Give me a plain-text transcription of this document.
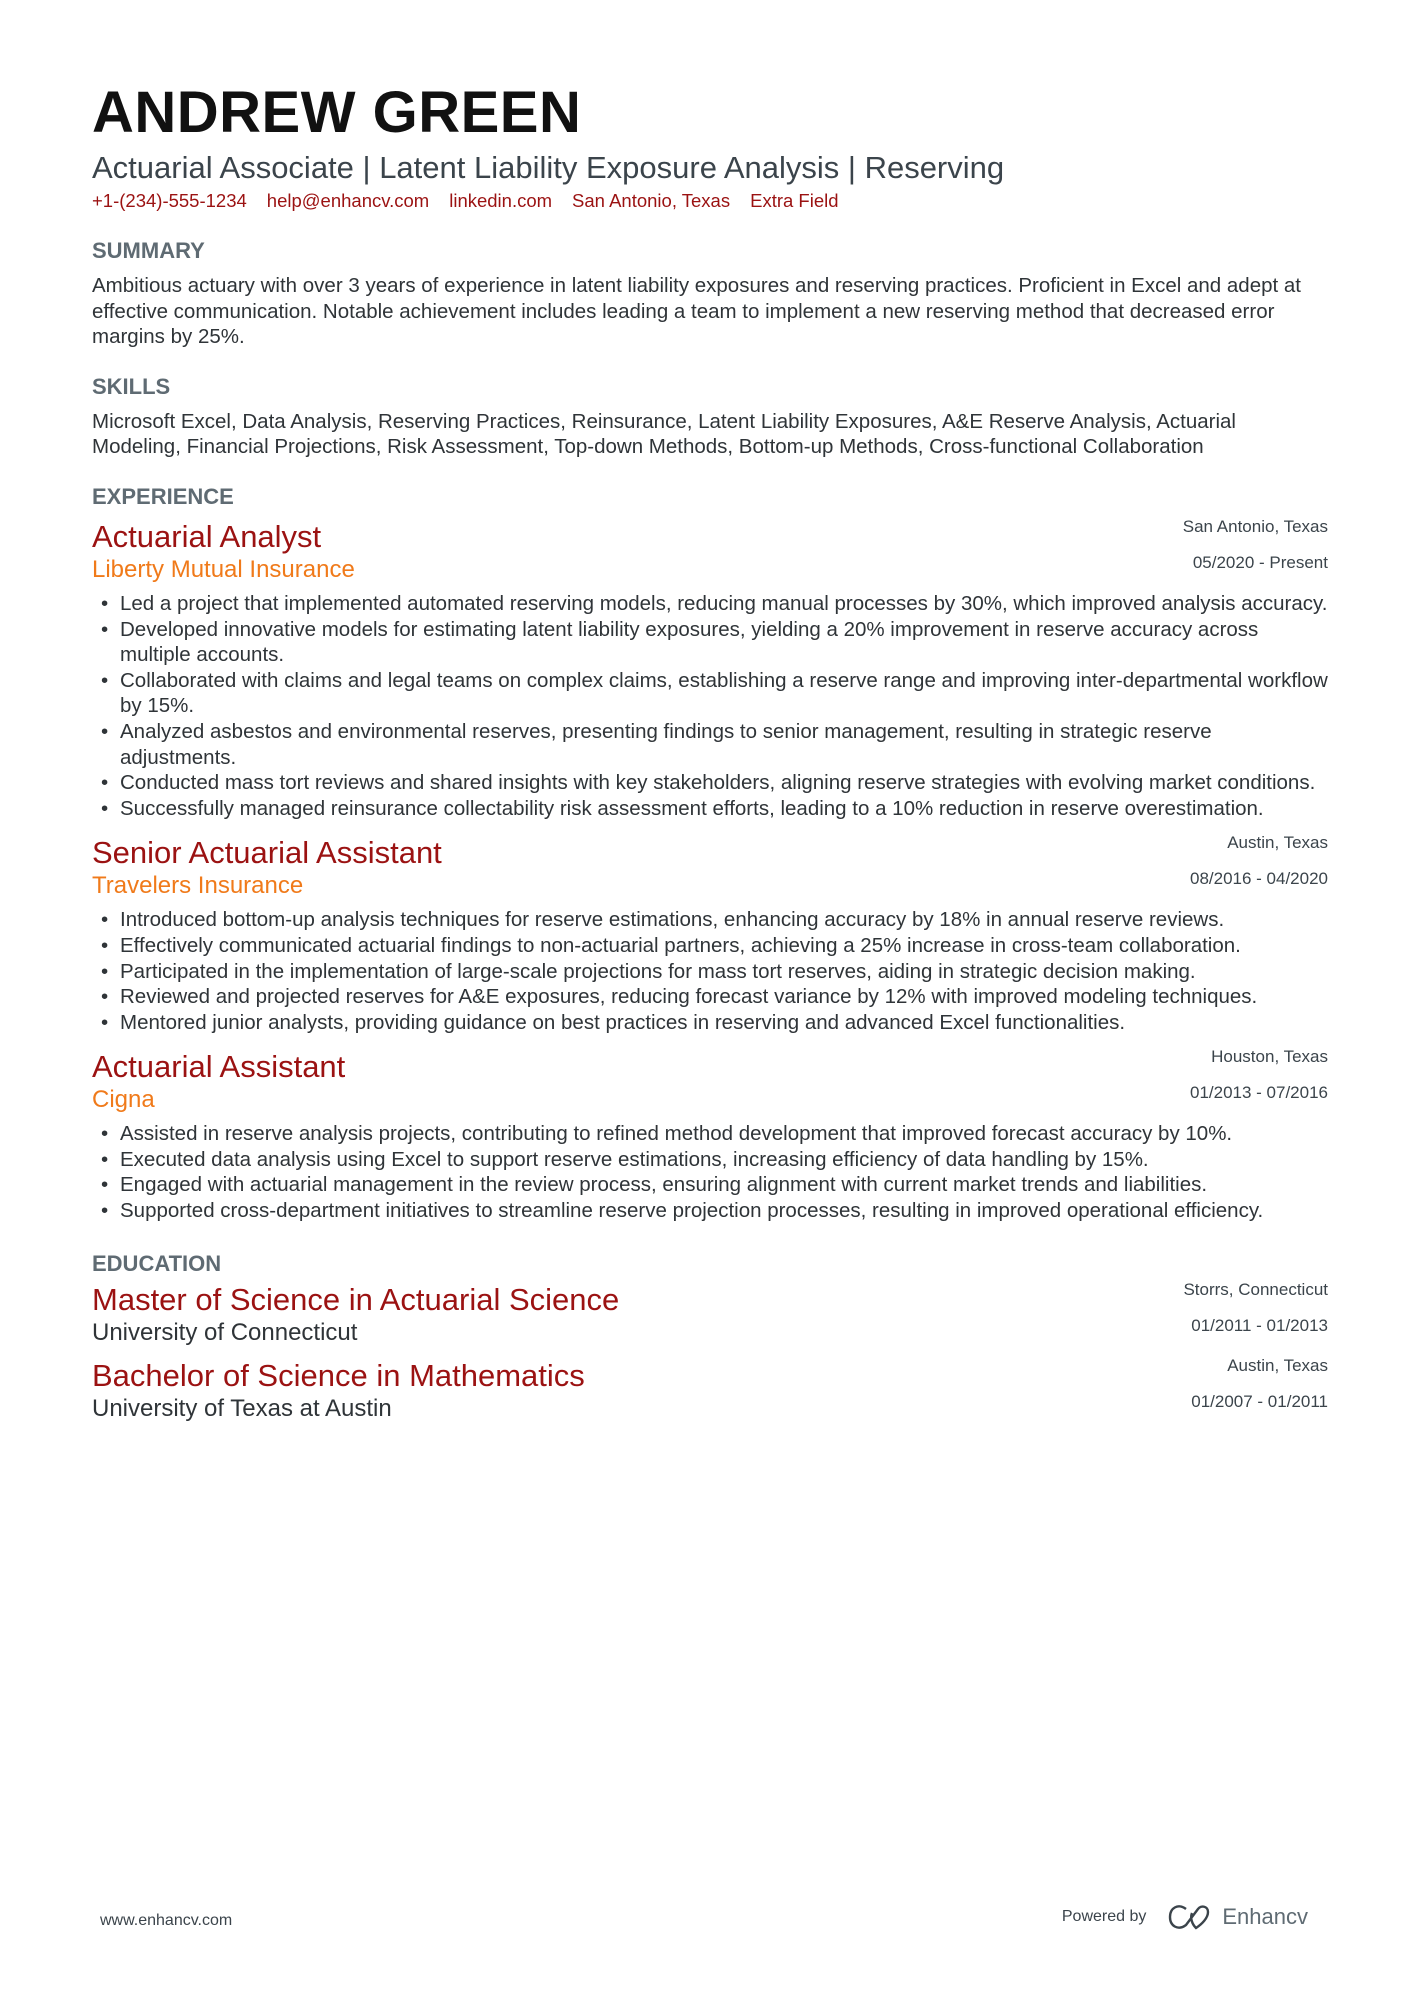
ANDREW GREEN
Actuarial Associate | Latent Liability Exposure Analysis | Reserving
+1-(234)-555-1234 help@enhancv.com linkedin.com San Antonio, Texas Extra Field
SUMMARY
Ambitious actuary with over 3 years of experience in latent liability exposures and reserving practices. Proficient in Excel and adept at effective communication. Notable achievement includes leading a team to implement a new reserving method that decreased error margins by 25%.
SKILLS
Microsoft Excel, Data Analysis, Reserving Practices, Reinsurance, Latent Liability Exposures, A&E Reserve Analysis, Actuarial Modeling, Financial Projections, Risk Assessment, Top-down Methods, Bottom-up Methods, Cross-functional Collaboration
EXPERIENCE
Actuarial Analyst
Liberty Mutual Insurance
San Antonio, Texas
05/2020 - Present
• Led a project that implemented automated reserving models, reducing manual processes by 30%, which improved analysis accuracy.
• Developed innovative models for estimating latent liability exposures, yielding a 20% improvement in reserve accuracy across multiple accounts.
• Collaborated with claims and legal teams on complex claims, establishing a reserve range and improving inter-departmental workflow by 15%.
• Analyzed asbestos and environmental reserves, presenting findings to senior management, resulting in strategic reserve adjustments.
• Conducted mass tort reviews and shared insights with key stakeholders, aligning reserve strategies with evolving market conditions.
• Successfully managed reinsurance collectability risk assessment efforts, leading to a 10% reduction in reserve overestimation.
Senior Actuarial Assistant
Travelers Insurance
Austin, Texas
08/2016 - 04/2020
• Introduced bottom-up analysis techniques for reserve estimations, enhancing accuracy by 18% in annual reserve reviews.
• Effectively communicated actuarial findings to non-actuarial partners, achieving a 25% increase in cross-team collaboration.
• Participated in the implementation of large-scale projections for mass tort reserves, aiding in strategic decision making.
• Reviewed and projected reserves for A&E exposures, reducing forecast variance by 12% with improved modeling techniques.
• Mentored junior analysts, providing guidance on best practices in reserving and advanced Excel functionalities.
Actuarial Assistant
Cigna
Houston, Texas
01/2013 - 07/2016
• Assisted in reserve analysis projects, contributing to refined method development that improved forecast accuracy by 10%.
• Executed data analysis using Excel to support reserve estimations, increasing efficiency of data handling by 15%.
• Engaged with actuarial management in the review process, ensuring alignment with current market trends and liabilities.
• Supported cross-department initiatives to streamline reserve projection processes, resulting in improved operational efficiency.
EDUCATION
Master of Science in Actuarial Science
University of Connecticut
Storrs, Connecticut
01/2011 - 01/2013
Bachelor of Science in Mathematics
University of Texas at Austin
Austin, Texas
01/2007 - 01/2011
www.enhancv.com	Powered by	Enhancv
